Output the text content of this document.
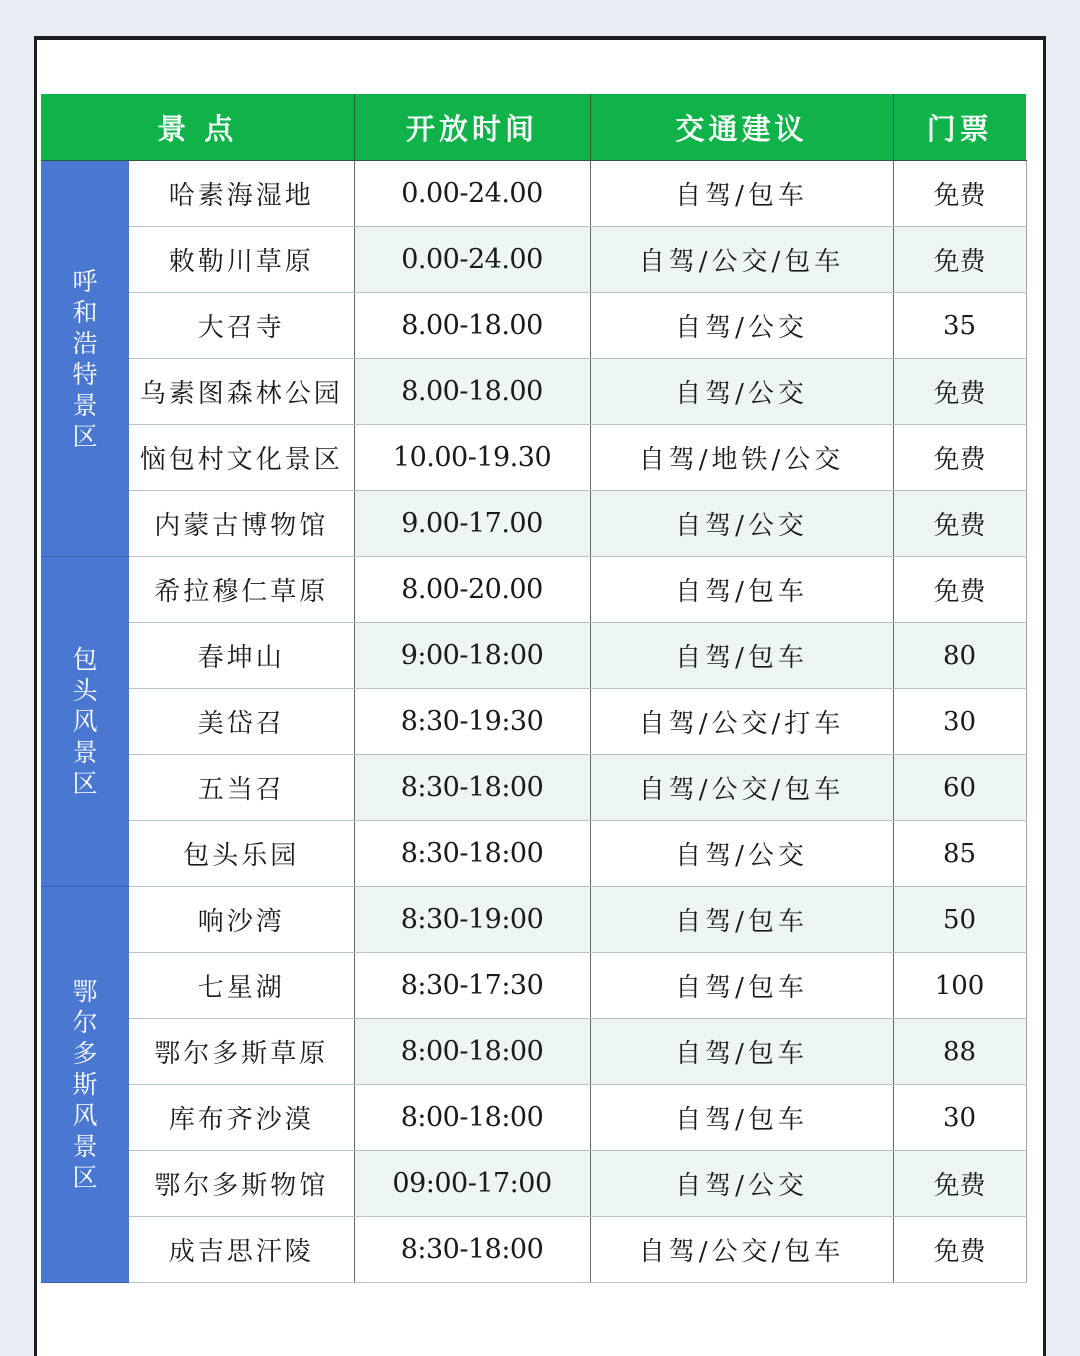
景 点		开放时间	交通建议	门票
呼和浩特景区	哈素海湿地	0.00-24.00	自驾/包车	免费
	敕勒川草原	0.00-24.00	自驾/公交/包车	免费
	大召寺	8.00-18.00	自驾/公交	35
	乌素图森林公园	8.00-18.00	自驾/公交	免费
	恼包村文化景区	10.00-19.30	自驾/地铁/公交	免费
	内蒙古博物馆	9.00-17.00	自驾/公交	免费
包头风景区	希拉穆仁草原	8.00-20.00	自驾/包车	免费
	春坤山	9:00-18:00	自驾/包车	80
	美岱召	8:30-19:30	自驾/公交/打车	30
	五当召	8:30-18:00	自驾/公交/包车	60
	包头乐园	8:30-18:00	自驾/公交	85
鄂尔多斯风景区	响沙湾	8:30-19:00	自驾/包车	50
	七星湖	8:30-17:30	自驾/包车	100
	鄂尔多斯草原	8:00-18:00	自驾/包车	88
	库布齐沙漠	8:00-18:00	自驾/包车	30
	鄂尔多斯物馆	09:00-17:00	自驾/公交	免费
	成吉思汗陵	8:30-18:00	自驾/公交/包车	免费
